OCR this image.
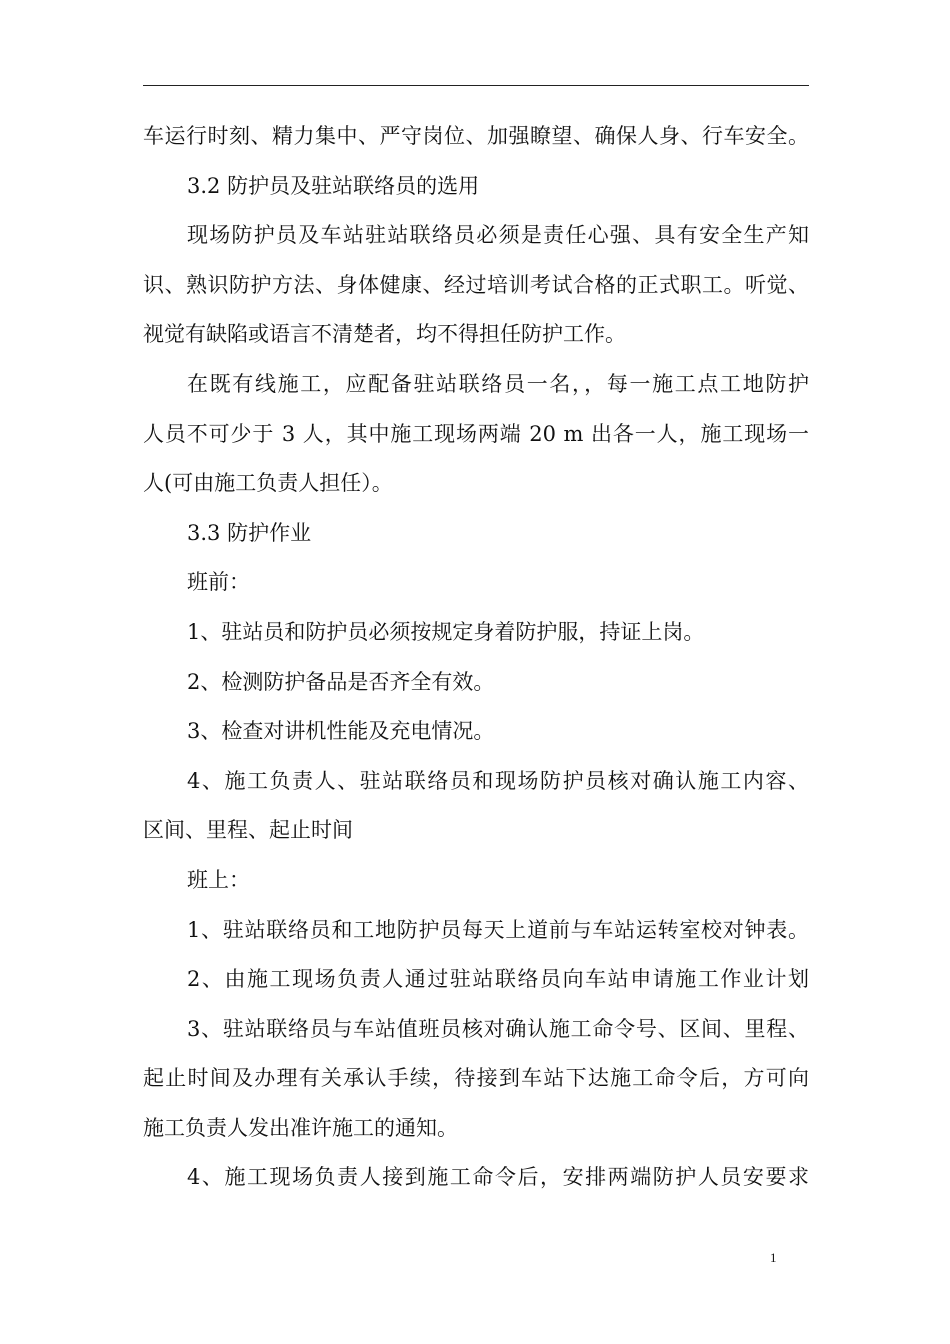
车运行时刻、精力集中、严守岗位、加强瞭望、确保人身、行车安全。
3.2 防护员及驻站联络员的选用
现场防护员及车站驻站联络员必须是责任心强、具有安全生产知
识、熟识防护方法、身体健康、经过培训考试合格的正式职工。听觉、
视觉有缺陷或语言不清楚者，均不得担任防护工作。
在既有线施工，应配备驻站联络员一名，，每一施工点工地防护
人员不可少于 3 人，其中施工现场两端 20 m 出各一人，施工现场一
人(可由施工负责人担任）。
3.3 防护作业
班前：
1、驻站员和防护员必须按规定身着防护服，持证上岗。
2、检测防护备品是否齐全有效。
3、检查对讲机性能及充电情况。
4、施工负责人、驻站联络员和现场防护员核对确认施工内容、
区间、里程、起止时间
班上：
1、驻站联络员和工地防护员每天上道前与车站运转室校对钟表。
2、由施工现场负责人通过驻站联络员向车站申请施工作业计划
3、驻站联络员与车站值班员核对确认施工命令号、区间、里程、
起止时间及办理有关承认手续，待接到车站下达施工命令后，方可向
施工负责人发出准许施工的通知。
4、施工现场负责人接到施工命令后，安排两端防护人员安要求
1
